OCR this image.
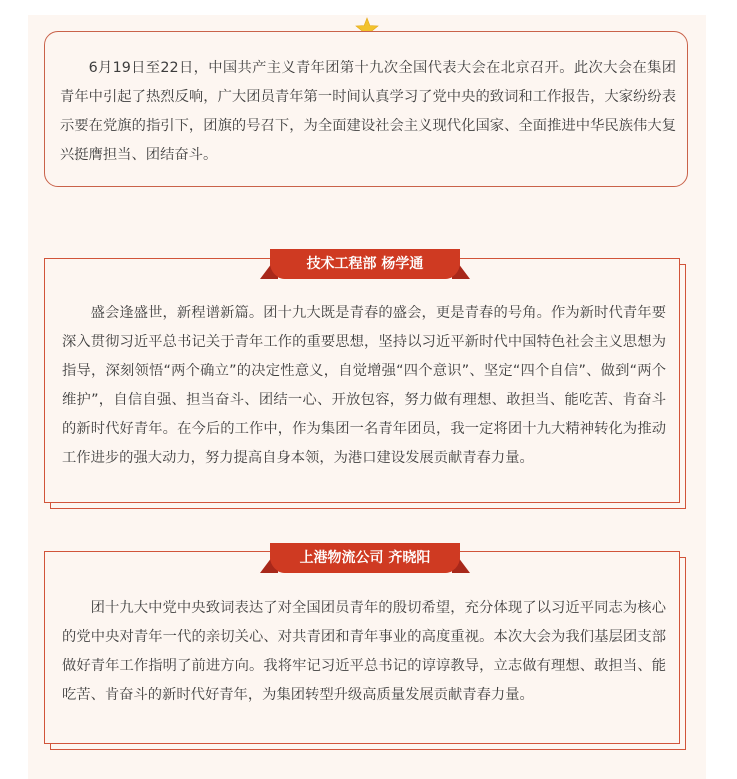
6月19日至22日，中国共产主义青年团第十九次全国代表大会在北京召开。此次大会在集团青年中引起了热烈反响，广大团员青年第一时间认真学习了党中央的致词和工作报告，大家纷纷表示要在党旗的指引下，团旗的号召下，为全面建设社会主义现代化国家、全面推进中华民族伟大复兴挺膺担当、团结奋斗。

盛会逢盛世，新程谱新篇。团十九大既是青春的盛会，更是青春的号角。作为新时代青年要深入贯彻习近平总书记关于青年工作的重要思想，坚持以习近平新时代中国特色社会主义思想为指导，深刻领悟“两个确立”的决定性意义，自觉增强“四个意识”、坚定“四个自信”、做到“两个维护”，自信自强、担当奋斗、团结一心、开放包容，努力做有理想、敢担当、能吃苦、肯奋斗的新时代好青年。在今后的工作中，作为集团一名青年团员，我一定将团十九大精神转化为推动工作进步的强大动力，努力提高自身本领，为港口建设发展贡献青春力量。

技术工程部 杨学通

团十九大中党中央致词表达了对全国团员青年的殷切希望，充分体现了以习近平同志为核心的党中央对青年一代的亲切关心、对共青团和青年事业的高度重视。本次大会为我们基层团支部做好青年工作指明了前进方向。我将牢记习近平总书记的谆谆教导，立志做有理想、敢担当、能吃苦、肯奋斗的新时代好青年，为集团转型升级高质量发展贡献青春力量。

上港物流公司 齐晓阳
